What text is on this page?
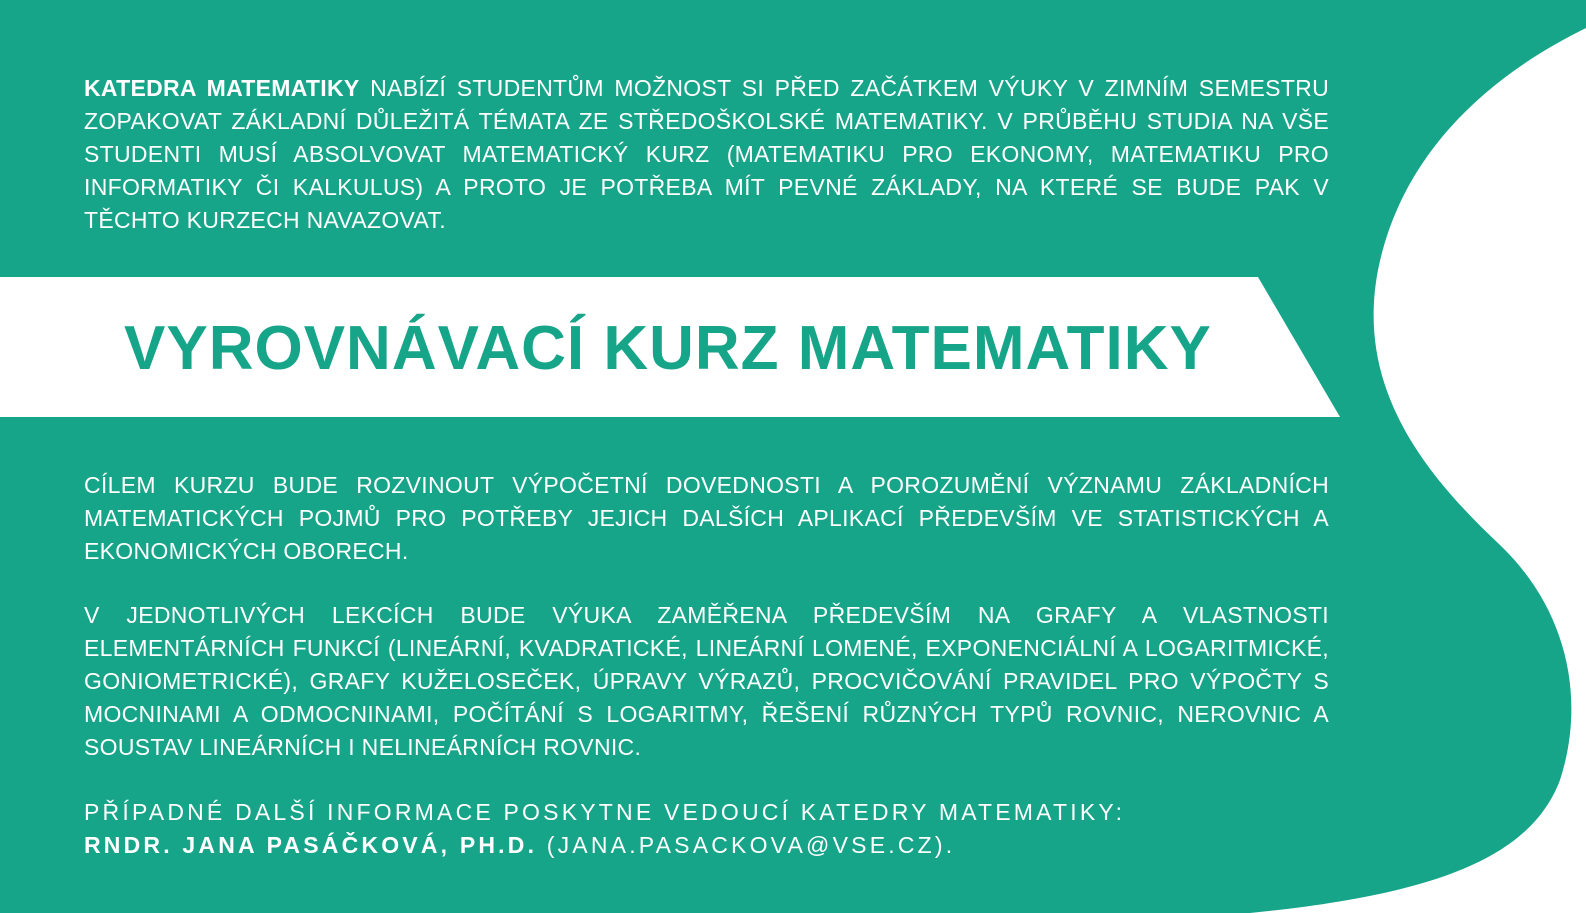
KATEDRA MATEMATIKY NABÍZÍ STUDENTŮM MOŽNOST SI PŘED ZAČÁTKEM VÝUKY V ZIMNÍM SEMESTRU ZOPAKOVAT ZÁKLADNÍ DŮLEŽITÁ TÉMATA ZE STŘEDOŠKOLSKÉ MATEMATIKY. V PRŮBĚHU STUDIA NA VŠE STUDENTI MUSÍ ABSOLVOVAT MATEMATICKÝ KURZ (MATEMATIKU PRO EKONOMY, MATEMATIKU PRO INFORMATIKY ČI KALKULUS) A PROTO JE POTŘEBA MÍT PEVNÉ ZÁKLADY, NA KTERÉ SE BUDE PAK V TĚCHTO KURZECH NAVAZOVAT.

VYROVNÁVACÍ KURZ MATEMATIKY

CÍLEM KURZU BUDE ROZVINOUT VÝPOČETNÍ DOVEDNOSTI A POROZUMĚNÍ VÝZNAMU ZÁKLADNÍCH MATEMATICKÝCH POJMŮ PRO POTŘEBY JEJICH DALŠÍCH APLIKACÍ PŘEDEVŠÍM VE STATISTICKÝCH A EKONOMICKÝCH OBORECH.

V JEDNOTLIVÝCH LEKCÍCH BUDE VÝUKA ZAMĚŘENA PŘEDEVŠÍM NA GRAFY A VLASTNOSTI ELEMENTÁRNÍCH FUNKCÍ (LINEÁRNÍ, KVADRATICKÉ, LINEÁRNÍ LOMENÉ, EXPONENCIÁLNÍ A LOGARITMICKÉ, GONIOMETRICKÉ), GRAFY KUŽELOSEČEK, ÚPRAVY VÝRAZŮ, PROCVIČOVÁNÍ PRAVIDEL PRO VÝPOČTY S MOCNINAMI A ODMOCNINAMI, POČÍTÁNÍ S LOGARITMY, ŘEŠENÍ RŮZNÝCH TYPŮ ROVNIC, NEROVNIC A SOUSTAV LINEÁRNÍCH I NELINEÁRNÍCH ROVNIC.

PŘÍPADNÉ DALŠÍ INFORMACE POSKYTNE VEDOUCÍ KATEDRY MATEMATIKY:
RNDR. JANA PASÁČKOVÁ, PH.D. (JANA.PASACKOVA@VSE.CZ).
